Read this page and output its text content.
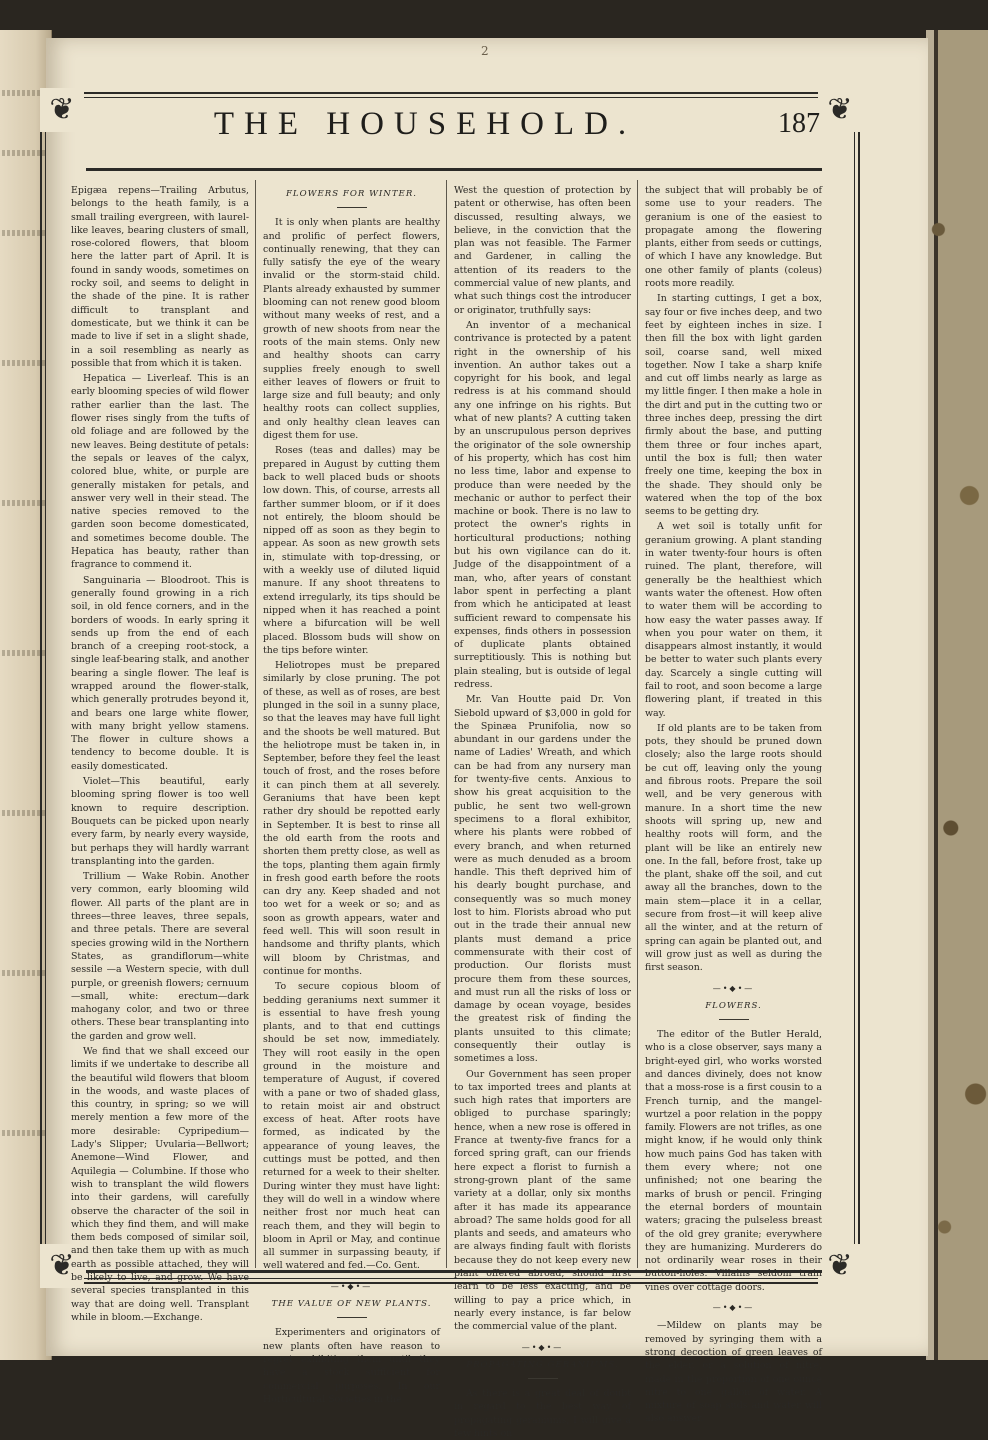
2
❦	❦
❦	❦
THE HOUSEHOLD.	187

Epigæa repens—Trailing Arbutus, belongs to the heath family, is a small trailing evergreen, with laurel-like leaves, bearing clusters of small, rose-colored flowers, that bloom here the latter part of April. It is found in sandy woods, sometimes on rocky soil, and seems to delight in the shade of the pine. It is rather difficult to transplant and domesticate, but we think it can be made to live if set in a slight shade, in a soil resembling as nearly as possible that from which it is taken.

Hepatica — Liverleaf. This is an early blooming species of wild flower rather earlier than the last. The flower rises singly from the tufts of old foliage and are followed by the new leaves. Being destitute of petals: the sepals or leaves of the calyx, colored blue, white, or purple are generally mistaken for petals, and answer very well in their stead. The native species removed to the garden soon become domesticated, and sometimes become double. The Hepatica has beauty, rather than fragrance to commend it.

Sanguinaria — Bloodroot. This is generally found growing in a rich soil, in old fence corners, and in the borders of woods. In early spring it sends up from the end of each branch of a creeping root-stock, a single leaf-bearing stalk, and another bearing a single flower. The leaf is wrapped around the flower-stalk, which generally protrudes beyond it, and bears one large white flower, with many bright yellow stamens. The flower in culture shows a tendency to become double. It is easily domesticated.

Violet—This beautiful, early blooming spring flower is too well known to require description. Bouquets can be picked upon nearly every farm, by nearly every wayside, but perhaps they will hardly warrant transplanting into the garden.

Trillium — Wake Robin. Another very common, early blooming wild flower. All parts of the plant are in threes—three leaves, three sepals, and three petals. There are several species growing wild in the Northern States, as grandiflorum—white sessile —a Western specie, with dull purple, or greenish flowers; cernuum—small, white: erectum—dark mahogany color, and two or three others. These bear transplanting into the garden and grow well.

We find that we shall exceed our limits if we undertake to describe all the beautiful wild flowers that bloom in the woods, and waste places of this country, in spring; so we will merely mention a few more of the more desirable: Cypripedium—Lady's Slipper; Uvularia—Bellwort; Anemone—Wind Flower, and Aquilegia — Columbine. If those who wish to transplant the wild flowers into their gardens, will carefully observe the character of the soil in which they find them, and will make them beds composed of similar soil, and then take them up with as much earth as possible attached, they will be likely to live, and grow. We have several species transplanted in this way that are doing well. Transplant while in bloom.—Exchange.

FLOWERS FOR WINTER.

It is only when plants are healthy and prolific of perfect flowers, continually renewing, that they can fully satisfy the eye of the weary invalid or the storm-staid child. Plants already exhausted by summer blooming can not renew good bloom without many weeks of rest, and a growth of new shoots from near the roots of the main stems. Only new and healthy shoots can carry supplies freely enough to swell either leaves of flowers or fruit to large size and full beauty; and only healthy roots can collect supplies, and only healthy clean leaves can digest them for use.

Roses (teas and dalles) may be prepared in August by cutting them back to well placed buds or shoots low down. This, of course, arrests all farther summer bloom, or if it does not entirely, the bloom should be nipped off as soon as they begin to appear. As soon as new growth sets in, stimulate with top-dressing, or with a weekly use of diluted liquid manure. If any shoot threatens to extend irregularly, its tips should be nipped when it has reached a point where a bifurcation will be well placed. Blossom buds will show on the tips before winter.

Heliotropes must be prepared similarly by close pruning. The pot of these, as well as of roses, are best plunged in the soil in a sunny place, so that the leaves may have full light and the shoots be well matured. But the heliotrope must be taken in, in September, before they feel the least touch of frost, and the roses before it can pinch them at all severely. Geraniums that have been kept rather dry should be repotted early in September. It is best to rinse all the old earth from the roots and shorten them pretty close, as well as the tops, planting them again firmly in fresh good earth before the roots can dry any. Keep shaded and not too wet for a week or so; and as soon as growth appears, water and feed well. This will soon result in handsome and thrifty plants, which will bloom by Christmas, and continue for months.

To secure copious bloom of bedding geraniums next summer it is essential to have fresh young plants, and to that end cuttings should be set now, immediately. They will root easily in the open ground in the moisture and temperature of August, if covered with a pane or two of shaded glass, to retain moist air and obstruct excess of heat. After roots have formed, as indicated by the appearance of young leaves, the cuttings must be potted, and then returned for a week to their shelter. During winter they must have light: they will do well in a window where neither frost nor much heat can reach them, and they will begin to bloom in April or May, and continue all summer in surpassing beauty, if well watered and fed.—Co. Gent.

—•◆•—
THE VALUE OF NEW PLANTS.

Experimenters and originators of new plants often have reason to regret exhibiting them until they have a stock sufficient for commercial purposes. In our Horticultural Societies in the

West the question of protection by patent or otherwise, has often been discussed, resulting always, we believe, in the conviction that the plan was not feasible. The Farmer and Gardener, in calling the attention of its readers to the commercial value of new plants, and what such things cost the introducer or originator, truthfully says:

An inventor of a mechanical contrivance is protected by a patent right in the ownership of his invention. An author takes out a copyright for his book, and legal redress is at his command should any one infringe on his rights. But what of new plants? A cutting taken by an unscrupulous person deprives the originator of the sole ownership of his property, which has cost him no less time, labor and expense to produce than were needed by the mechanic or author to perfect their machine or book. There is no law to protect the owner's rights in horticultural productions; nothing but his own vigilance can do it. Judge of the disappointment of a man, who, after years of constant labor spent in perfecting a plant from which he anticipated at least sufficient reward to compensate his expenses, finds others in possession of duplicate plants obtained surreptitiously. This is nothing but plain stealing, but is outside of legal redress.

Mr. Van Houtte paid Dr. Von Siebold upward of $3,000 in gold for the Spinæa Prunifolia, now so abundant in our gardens under the name of Ladies' Wreath, and which can be had from any nursery man for twenty-five cents. Anxious to show his great acquisition to the public, he sent two well-grown specimens to a floral exhibitor, where his plants were robbed of every branch, and when returned were as much denuded as a broom handle. This theft deprived him of his dearly bought purchase, and consequently was so much money lost to him. Florists abroad who put out in the trade their annual new plants must demand a price commensurate with their cost of production. Our florists must procure them from these sources, and must run all the risks of loss or damage by ocean voyage, besides the greatest risk of finding the plants unsuited to this climate; consequently their outlay is sometimes a loss.

Our Government has seen proper to tax imported trees and plants at such high rates that importers are obliged to purchase sparingly; hence, when a new rose is offered in France at twenty-five francs for a forced spring graft, can our friends here expect a florist to furnish a strong-grown plant of the same variety at a dollar, only six months after it has made its appearance abroad? The same holds good for all plants and seeds, and amateurs who are always finding fault with florists because they do not keep every new plant offered abroad, should first learn to be less exacting, and be willing to pay a price which, in nearly every instance, is far below the commercial value of the plant.

—•◆•—
PROPAGATING GERANIUMS.

As there is a great deal of doubt in regard to the best way of propagating geraniums, I will give a few hints on

the subject that will probably be of some use to your readers. The geranium is one of the easiest to propagate among the flowering plants, either from seeds or cuttings, of which I have any knowledge. But one other family of plants (coleus) roots more readily.

In starting cuttings, I get a box, say four or five inches deep, and two feet by eighteen inches in size. I then fill the box with light garden soil, coarse sand, well mixed together. Now I take a sharp knife and cut off limbs nearly as large as my little finger. I then make a hole in the dirt and put in the cutting two or three inches deep, pressing the dirt firmly about the base, and putting them three or four inches apart, until the box is full; then water freely one time, keeping the box in the shade. They should only be watered when the top of the box seems to be getting dry.

A wet soil is totally unfit for geranium growing. A plant standing in water twenty-four hours is often ruined. The plant, therefore, will generally be the healthiest which wants water the oftenest. How often to water them will be according to how easy the water passes away. If when you pour water on them, it disappears almost instantly, it would be better to water such plants every day. Scarcely a single cutting will fail to root, and soon become a large flowering plant, if treated in this way.

If old plants are to be taken from pots, they should be pruned down closely; also the large roots should be cut off, leaving only the young and fibrous roots. Prepare the soil well, and be very generous with manure. In a short time the new shoots will spring up, new and healthy roots will form, and the plant will be like an entirely new one. In the fall, before frost, take up the plant, shake off the soil, and cut away all the branches, down to the main stem—place it in a cellar, secure from frost—it will keep alive all the winter, and at the return of spring can again be planted out, and will grow just as well as during the first season.

—•◆•—
FLOWERS.

The editor of the Butler Herald, who is a close observer, says many a bright-eyed girl, who works worsted and dances divinely, does not know that a moss-rose is a first cousin to a French turnip, and the mangel-wurtzel a poor relation in the poppy family. Flowers are not trifles, as one might know, if he would only think how much pains God has taken with them every where; not one unfinished; not one bearing the marks of brush or pencil. Fringing the eternal borders of mountain waters; gracing the pulseless breast of the old grey granite; everywhere they are humanizing. Murderers do not ordinarily wear roses in their button-holes. Villains seldom train vines over cottage doors.

—•◆•—

—Mildew on plants may be removed by syringing them with a strong decoction of green leaves of the elder, or a solution of nitre, made in the proportion of one ounce nitre to one gallon of water. A mixture of soap suds and water will also answer.
